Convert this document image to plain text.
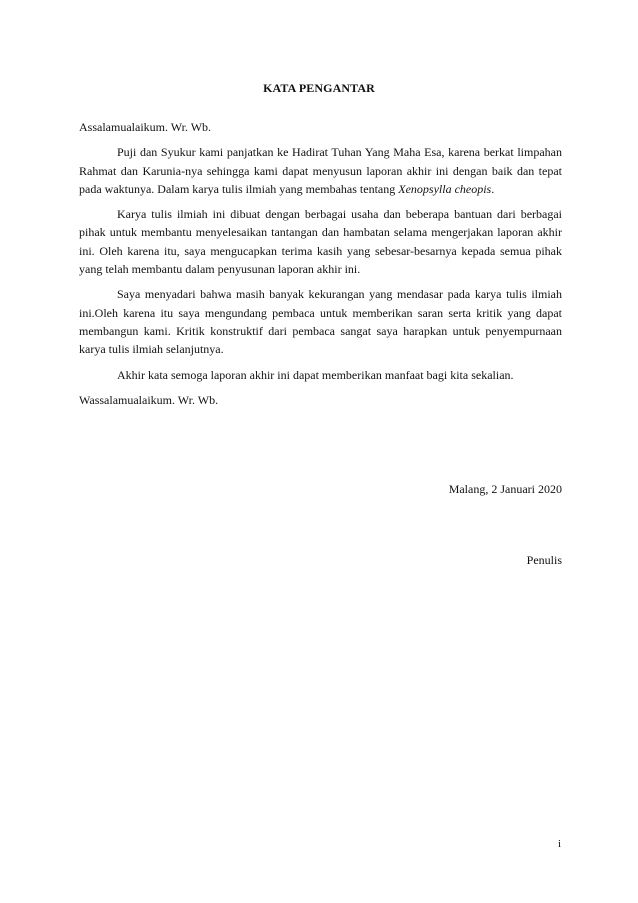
KATA PENGANTAR

Assalamualaikum. Wr. Wb.

Puji dan Syukur kami panjatkan ke Hadirat Tuhan Yang Maha Esa, karena berkat limpahan Rahmat dan Karunia-nya sehingga kami dapat menyusun laporan akhir ini dengan baik dan tepat pada waktunya. Dalam karya tulis ilmiah yang membahas tentang Xenopsylla cheopis.

Karya tulis ilmiah ini dibuat dengan berbagai usaha dan beberapa bantuan dari berbagai pihak untuk membantu menyelesaikan tantangan dan hambatan selama mengerjakan laporan akhir ini. Oleh karena itu, saya mengucapkan terima kasih yang sebesar-besarnya kepada semua pihak yang telah membantu dalam penyusunan laporan akhir ini.

Saya menyadari bahwa masih banyak kekurangan yang mendasar pada karya tulis ilmiah ini.Oleh karena itu saya mengundang pembaca untuk memberikan saran serta kritik yang dapat membangun kami. Kritik konstruktif dari pembaca sangat saya harapkan untuk penyempurnaan karya tulis ilmiah selanjutnya.

Akhir kata semoga laporan akhir ini dapat memberikan manfaat bagi kita sekalian.

Wassalamualaikum. Wr. Wb.

Malang, 2 Januari 2020
Penulis
i
